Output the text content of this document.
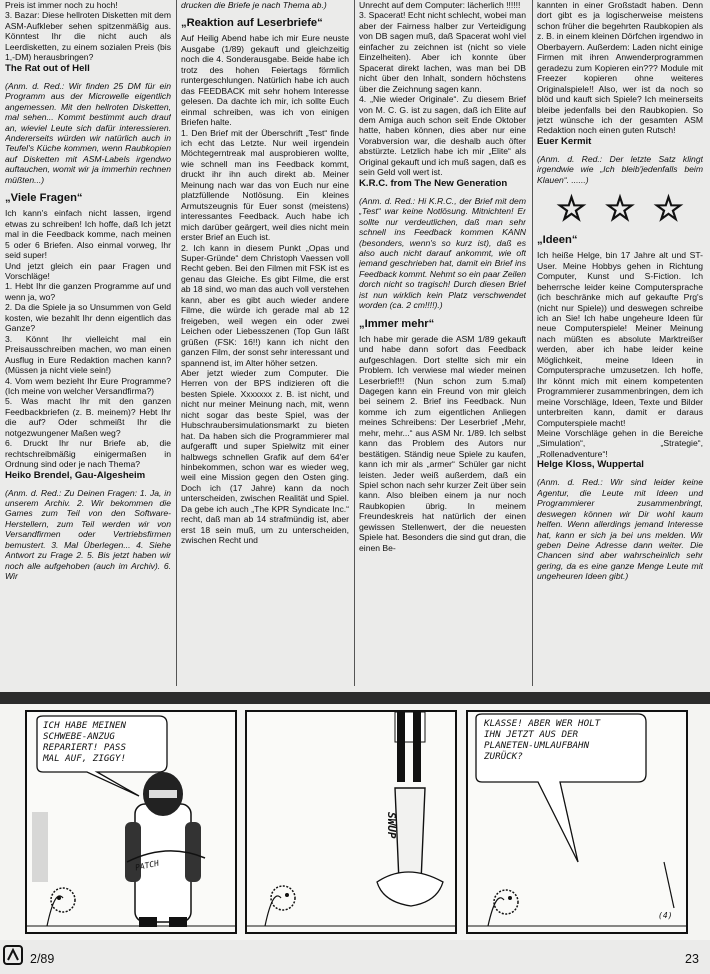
Preis ist immer noch zu hoch!
3. Bazar: Diese hellroten Disketten mit dem ASM-Aufkleber sehen spitzenmäßig aus. Könntest Ihr die nicht auch als Leerdisketten, zu einem sozialen Preis (bis 1,-DM) herausbringen?

The Rat out of Hell

(Anm. d. Red.: Wir finden 25 DM für ein Programm aus der Microwelle eigentlich angemessen. Mit den hellroten Disketten, mal sehen... Kommt bestimmt auch drauf an, wieviel Leute sich dafür interessieren. Andererseits würden wir natürlich auch in Teufel's Küche kommen, wenn Raubkopien auf Disketten mit ASM-Labels irgendwo auftauchen, womit wir ja immerhin rechnen müßten...)

„Viele Fragen“

Ich kann's einfach nicht lassen, irgend etwas zu schreiben! Ich hoffe, daß Ich jetzt mal in die Feedback komme, nach meinen 5 oder 6 Briefen. Also einmal vorweg, Ihr seid super!
Und jetzt gleich ein paar Fragen und Vorschläge!
1. Hebt Ihr die ganzen Programme auf und wenn ja, wo?
2. Da die Spiele ja so Unsummen von Geld kosten, wie bezahlt Ihr denn eigentlich das Ganze?
3. Könnt Ihr vielleicht mal ein Preisausschreiben machen, wo man einen Ausflug in Eure Redaktion machen kann? (Müssen ja nicht viele sein!)
4. Vom wem bezieht Ihr Eure Programme? (Ich meine von welcher Versandfirma?)
5. Was macht Ihr mit den ganzen Feedbackbriefen (z. B. meinem)? Hebt Ihr die auf? Oder schmeißt Ihr die notgezwungener Maßen weg?
6. Druckt Ihr nur Briefe ab, die rechtschreibmäßig einigermaßen in Ordnung sind oder je nach Thema?

Heiko Brendel, Gau-Algesheim

(Anm. d. Red.: Zu Deinen Fragen: 1. Ja, in unserem Archiv. 2. Wir bekommen die Games zum Teil von den Software-Herstellern, zum Teil werden wir von Versandfirmen oder Vertriebsfirmen bemustert. 3. Mal Überlegen... 4. Siehe Antwort zu Frage 2. 5. Bis jetzt haben wir noch alle aufgehoben (auch im Archiv). 6. Wir

drucken die Briefe je nach Thema ab.)

„Reaktion auf Leserbriefe“

Auf Heilig Abend habe ich mir Eure neuste Ausgabe (1/89) gekauft und gleichzeitig noch die 4. Sonderausgabe. Beide habe ich trotz des hohen Feiertags förmlich runtergeschlungen. Natürlich habe ich auch das FEEDBACK mit sehr hohem Interesse gelesen. Da dachte ich mir, ich sollte Euch einmal schreiben, was ich von einigen Briefen halte.
1. Den Brief mit der Überschrift „Test“ finde ich echt das Letzte. Nur weil irgendein Möchtegerntreak mal ausprobieren wollte, wie schnell man ins Feedback kommt, druckt ihr ihn auch direkt ab. Meiner Meinung nach war das von Euch nur eine platzfüllende Notlösung. Ein kleines Armutszeugnis für Euer sonst (meistens) interessantes Feedback. Auch habe ich mich darüber geärgert, weil dies nicht mein erster Brief an Euch ist.
2. Ich kann in diesem Punkt „Opas und Super-Gründe“ dem Christoph Vaessen voll Recht geben. Bei den Filmen mit FSK ist es genau das Gleiche. Es gibt Filme, die erst ab 18 sind, wo man das auch voll verstehen kann, aber es gibt auch wieder andere Filme, die würde ich gerade mal ab 12 freigeben, weil wegen ein oder zwei Leichen oder Liebesszenen (Top Gun läßt grüßen (FSK: 16!!) kann ich nicht den ganzen Film, der sonst sehr interessant und spannend ist, im Alter höher setzen.
Aber jetzt wieder zum Computer. Die Herren von der BPS indizieren oft die besten Spiele. Xxxxxxx z. B. ist nicht, und nicht nur meiner Meinung nach, mit, wenn nicht sogar das beste Spiel, was der Hubschraubersimulationsmarkt zu bieten hat. Da haben sich die Programmierer mal aufgerafft und super Spielwitz mit einer halbwegs schnellen Grafik auf dem 64'er hinbekommen, schon war es wieder weg, weil eine Mission gegen den Osten ging. Doch ich (17 Jahre) kann da noch unterscheiden, zwischen Realität und Spiel. Da gebe ich auch „The KPR Syndicate Inc.“ recht, daß man ab 14 strafmündig ist, aber erst 18 sein muß, um zu unterscheiden, zwischen Recht und

Unrecht auf dem Computer: lächerlich !!!!!!
3. Spacerat! Echt nicht schlecht, wobei man aber der Fairness halber zur Verteidigung von DB sagen muß, daß Spacerat wohl viel einfacher zu zeichnen ist (nicht so viele Einzelheiten). Aber ich konnte über Spacerat direkt lachen, was man bei DB nicht über den Inhalt, sondern höchstens über die Zeichnung sagen kann.
4. „Nie wieder Originale“. Zu diesem Brief von M. C. G. ist zu sagen, daß ich Elite auf dem Amiga auch schon seit Ende Oktober hatte, haben können, dies aber nur eine Vorabversion war, die deshalb auch öfter abstürzte. Letzlich habe ich mir „Elite“ als Original gekauft und ich muß sagen, daß es sein Geld voll wert ist.

K.R.C. from The New Generation

(Anm. d. Red.: Hi K.R.C., der Brief mit dem „Test“ war keine Notlösung. Mitnichten! Er sollte nur verdeutlichen, daß man sehr schnell ins Feedback kommen KANN (besonders, wenn's so kurz ist), daß es also auch nicht darauf ankommt, wie oft jemand geschrieben hat, damit ein Brief ins Feedback kommt. Nehmt so ein paar Zeilen dorch nicht so tragisch! Durch diesen Brief ist nun wirklich kein Platz verschwendet worden (ca. 2 cm!!!!).)

„Immer mehr“

Ich habe mir gerade die ASM 1/89 gekauft und habe dann sofort das Feedback aufgeschlagen. Dort stellte sich mir ein Problem. Ich verwiese mal wieder meinen Leserbrief!!! (Nun schon zum 5.mal) Dagegen kann ein Freund von mir gleich bei seinem 2. Brief ins Feedback. Nun komme ich zum eigentlichen Anliegen meines Schreibens: Der Leserbrief „Mehr, mehr, mehr...“ aus ASM Nr. 1/89. Ich selbst kann das Problem des Autors nur bestätigen. Ständig neue Spiele zu kaufen, kann ich mir als „armer“ Schüler gar nicht leisten. Jeder weiß außerdem, daß ein Spiel schon nach sehr kurzer Zeit über sein kann. Also bleiben einem ja nur noch Raubkopien übrig. In meinem Freundeskreis hat natürlich der einen gewissen Stellenwert, der die neuesten Spiele hat. Besonders die sind gut dran, die einen Be-

kannten in einer Großstadt haben. Denn dort gibt es ja logischerweise meistens schon früher die begehrten Raubkopien als z. B. in einem kleinen Dörfchen irgendwo in Oberbayern. Außerdem: Laden nicht einige Firmen mit ihren Anwenderprogrammen geradezu zum Kopieren ein??? Module mit Freezer kopieren ohne weiteres Originalspiele!! Also, wer ist da noch so blöd und kauft sich Spiele? Ich meinerseits bleibe jedenfalls bei den Raubkopien. So jetzt wünsche ich der gesamten ASM Redaktion noch einen guten Rutsch!

Euer Kermit

(Anm. d. Red.: Der letzte Satz klingt irgendwie wie „Ich bleib'jedenfalls beim Klauen“. ......)

☆ ☆ ☆

„Ideen“

Ich heiße Helge, bin 17 Jahre alt und ST-User. Meine Hobbys gehen in Richtung Computer, Kunst und S-Fiction. Ich beherrsche leider keine Computersprache (ich beschränke mich auf gekaufte Prg's (nicht nur Spiele)) und deswegen schreibe ich an Sie! Ich habe ungeheure Ideen für neue Computerspiele! Meiner Meinung nach müßten es absolute Marktreißer werden, aber ich habe leider keine Möglichkeit, meine Ideen in Computersprache umzusetzen. Ich hoffe, Ihr könnt mich mit einem kompetenten Programmierer zusammenbringen, dem ich meine Vorschläge, Ideen, Texte und Bilder unterbreiten kann, damit er daraus Computerspiele macht!
Meine Vorschläge gehen in die Bereiche „Simulation“, „Strategie“, „Rollenadventure“!

Helge Kloss, Wuppertal

(Anm. d. Red.: Wir sind leider keine Agentur, die Leute mit Ideen und Programmierer zusammenbringt, deswegen können wir Dir wohl kaum helfen. Wenn allerdings jemand Interesse hat, kann er sich ja bei uns melden. Wir geben Deine Adresse dann weiter. Die Chancen sind aber wahrscheinlich sehr gering, da es eine ganze Menge Leute mit ungeheuren Ideen gibt.)

ICH HABE MEINEN
SCHWEBE-ANZUG
REPARIERT! PASS
MAL AUF, ZIGGY!
PATCH
SWUP
KLASSE! ABER WER HOLT
IHN JETZT AUS DER
PLANETEN-UMLAUFBAHN
ZURÜCK?
(4)
2/89	23
